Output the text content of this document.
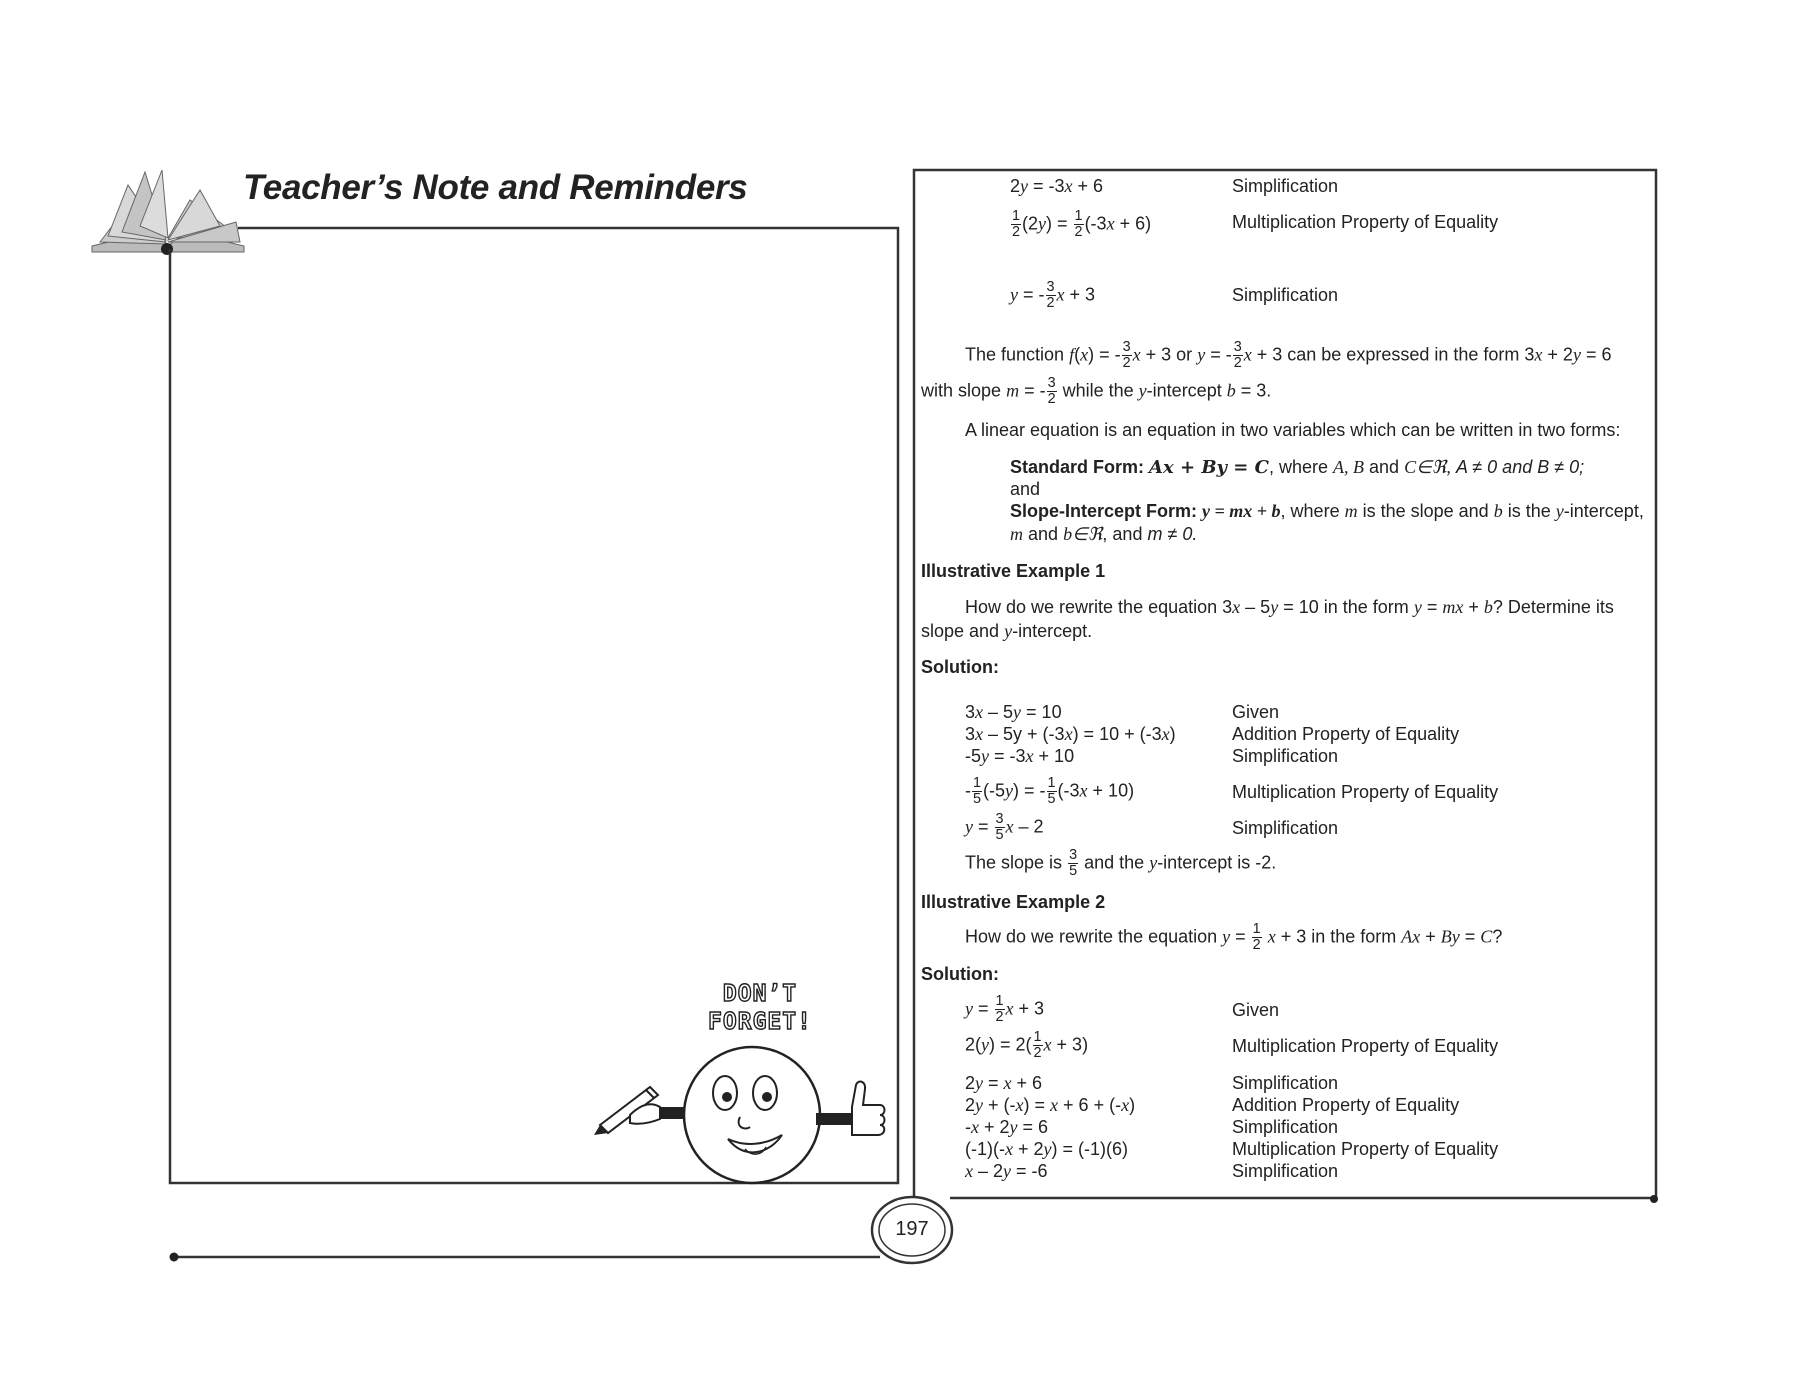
Teacher’s Note and Reminders
DON’T
FORGET!
2y = -3x + 6	Simplification
$\frac{1}{2} (2y) = \frac{1}{2} (-3x + 6)$	Multiplication Property of Equality
y = - $\frac{3}{2}$ x + 3	Simplification
The function f(x) = - $\frac{3}{2}$ x + 3 or y = - $\frac{3}{2}$ x + 3 can be expressed in the form 3x + 2y = 6
with slope m = - $\frac{3}{2}$ while the y-intercept b = 3.
A linear equation is an equation in two variables which can be written in two forms:
Standard Form: Ax + By = C, where A, B and C∈ℜ, A ≠ 0 and B ≠ 0;
and
Slope-Intercept Form: y = mx + b, where m is the slope and b is the y-intercept,
m and b∈ℜ, and m ≠ 0.
Illustrative Example 1
How do we rewrite the equation 3x – 5y = 10 in the form y = mx + b? Determine its
slope and y-intercept.
Solution:
3x – 5y = 10	Given
3x – 5y + (-3x) = 10 + (-3x)	Addition Property of Equality
-5y = -3x + 10	Simplification
- $\frac{1}{5} (-5y)$ = - $\frac{1}{5} (-3x + 10)$	Multiplication Property of Equality
$y = \frac{3}{5}$ x – 2	Simplification
The slope is $\frac{3}{5}$ and the y-intercept is -2.
Illustrative Example 2
How do we rewrite the equation $y = \frac{1}{2}$ x + 3 in the form Ax + By = C?
Solution:
$y = \frac{1}{2}$ x + 3	Given
$2(y) = 2( \frac{1}{2}$ x + 3)	Multiplication Property of Equality
2y = x + 6	Simplification
2y + (-x) = x + 6 + (-x)	Addition Property of Equality
-x + 2y = 6	Simplification
(-1)(-x + 2y) = (-1)(6)	Multiplication Property of Equality
x – 2y = -6	Simplification
197
